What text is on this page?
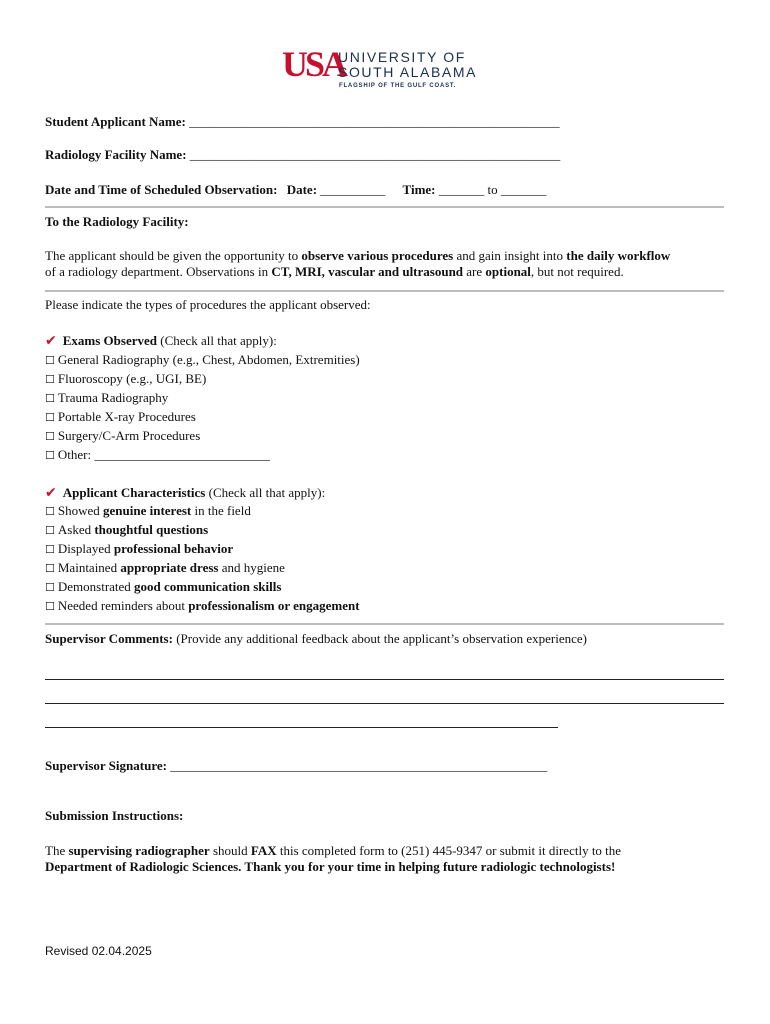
USA
UNIVERSITY OF
SOUTH ALABAMA
FLAGSHIP OF THE GULF COAST.
Student Applicant Name: _________________________________________________________
Radiology Facility Name: _________________________________________________________
Date and Time of Scheduled Observation: Date: __________ Time: _______ to _______
To the Radiology Facility:
The applicant should be given the opportunity to observe various procedures and gain insight into the daily workflow
of a radiology department. Observations in CT, MRI, vascular and ultrasound are optional, but not required.
Please indicate the types of procedures the applicant observed:
✔ Exams Observed (Check all that apply):
☐ General Radiography (e.g., Chest, Abdomen, Extremities)
☐ Fluoroscopy (e.g., UGI, BE)
☐ Trauma Radiography
☐ Portable X-ray Procedures
☐ Surgery/C-Arm Procedures
☐ Other: ___________________________
✔ Applicant Characteristics (Check all that apply):
☐ Showed genuine interest in the field
☐ Asked thoughtful questions
☐ Displayed professional behavior
☐ Maintained appropriate dress and hygiene
☐ Demonstrated good communication skills
☐ Needed reminders about professionalism or engagement
Supervisor Comments: (Provide any additional feedback about the applicant’s observation experience)
Supervisor Signature: __________________________________________________________
Submission Instructions:
The supervising radiographer should FAX this completed form to (251) 445-9347 or submit it directly to the
Department of Radiologic Sciences. Thank you for your time in helping future radiologic technologists!
Revised 02.04.2025
